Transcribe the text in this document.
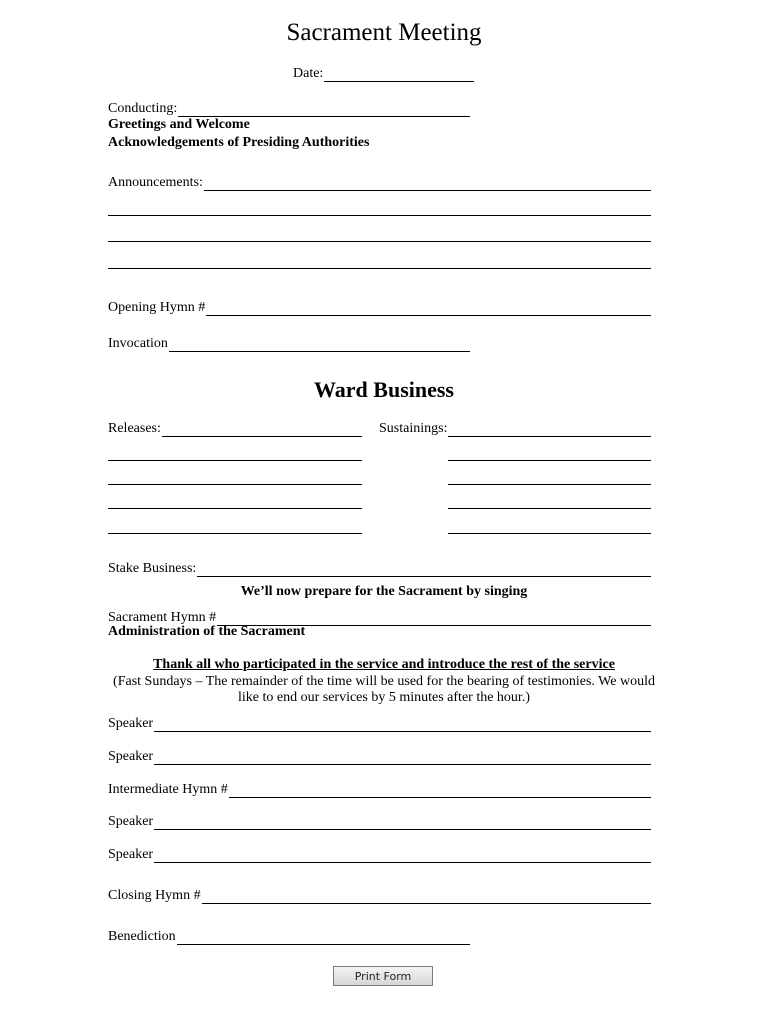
Sacrament Meeting
Date:
Conducting:
Greetings and Welcome
Acknowledgements of Presiding Authorities
Announcements:
Opening Hymn #
Invocation
Ward Business
Releases:	Sustainings:
Stake Business:
We’ll now prepare for the Sacrament by singing
Sacrament Hymn #
Administration of the Sacrament
Thank all who participated in the service and introduce the rest of the service
(Fast Sundays – The remainder of the time will be used for the bearing of testimonies. We would
like to end our services by 5 minutes after the hour.)
Speaker
Speaker
Intermediate Hymn #
Speaker
Speaker
Closing Hymn #
Benediction
Print Form
